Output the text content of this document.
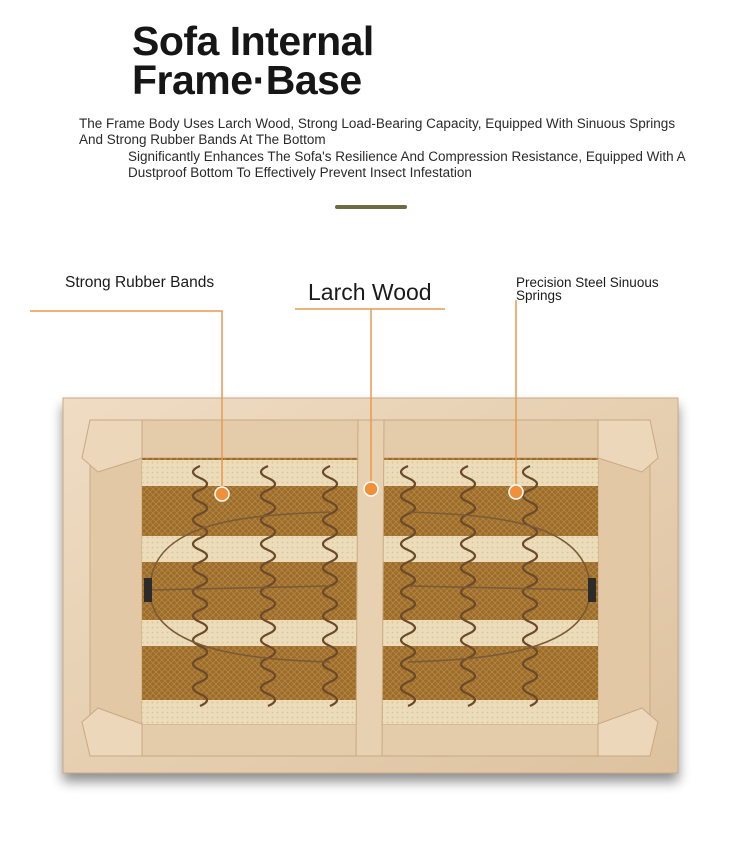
Sofa Internal
Frame·Base

The Frame Body Uses Larch Wood, Strong Load-Bearing Capacity, Equipped With Sinuous Springs And Strong Rubber Bands At The Bottom

Significantly Enhances The Sofa's Resilience And Compression Resistance, Equipped With A Dustproof Bottom To Effectively Prevent Insect Infestation

Strong Rubber Bands	Larch Wood	Precision Steel Sinuous Springs
